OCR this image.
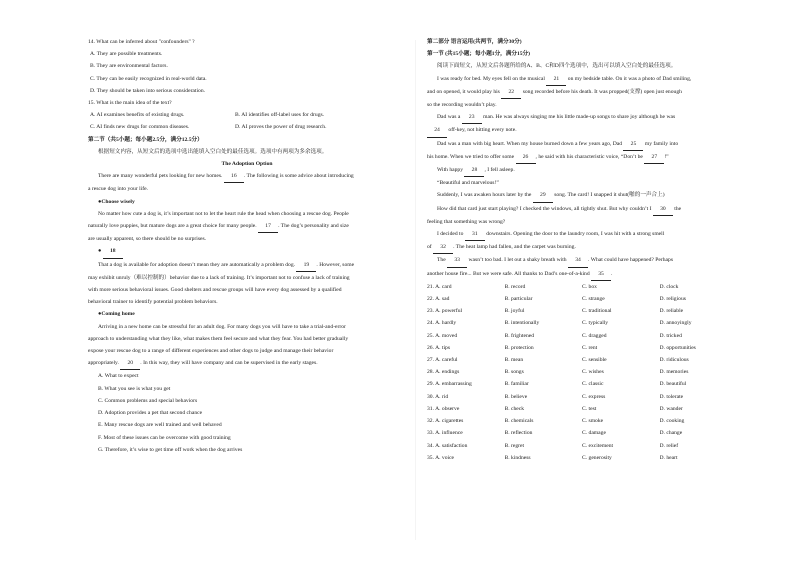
14. What can be inferred about "confounders" ?
A. They are possible treatments.
B. They are environmental factors.
C. They can be easily recognized in real-world data.
D. They should be taken into serious consideration.
15. What is the main idea of the text?
A. AI examines benefits of existing drugs.	B. AI identifies off-label uses for drugs.
C. AI finds new drugs for common diseases.	D. AI proves the power of drug research.
第二节（共5小题；每小题2.5分，满分12.5分）
根据短文内容，从短文后的选项中选出能填入空白处的最佳选项。选项中有两项为多余选项。
The Adoption Option
There are many wonderful pets looking for new homes. 16 . The following is some advice about introducing
a rescue dog into your life.
●Choose wisely
No matter how cute a dog is, it’s important not to let the heart rule the head when choosing a rescue dog. People
naturally love puppies, but mature dogs are a great choice for many people. 17 . The dog’s personality and size
are usually apparent, so there should be no surprises.
● 18
That a dog is available for adoption doesn’t mean they are automatically a problem dog. 19 . However, some
may exhibit unruly（难以控制的）behavior due to a lack of training. It’s important not to confuse a lack of training
with more serious behavioral issues. Good shelters and rescue groups will have every dog assessed by a qualified
behavioral trainer to identify potential problem behaviors.
●Coming home
Arriving in a new home can be stressful for an adult dog. For many dogs you will have to take a trial-and-error
approach to understanding what they like, what makes them feel secure and what they fear. You had better gradually
expose your rescue dog to a range of different experiences and other dogs to judge and manage their behavior
appropriately. 20 . In this way, they will have company and can be supervised in the early stages.
A. What to expect
B. What you see is what you get
C. Common problems and special behaviors
D. Adoption provides a pet that second chance
E. Many rescue dogs are well trained and well behaved
F. Most of these issues can be overcome with good training
G. Therefore, it’s wise to get time off work when the dog arrives
第二部分 语言运用(共两节，满分30分)
第一节 (共15小题；每小题1分，满分15分)
阅读下面短文，从短文后各题所给的A、B、C和D四个选项中，选出可以填入空白处的最佳选项。
I was ready for bed. My eyes fell on the musical 21 on my bedside table. On it was a photo of Dad smiling,
and on opened, it would play his 22 song recorded before his death. It was propped(支撑) open just enough
so the recording wouldn’t play.
Dad was a 23 man. He was always singing me his little made-up songs to share joy although he was
24 off-key, not hitting every note.
Dad was a man with big heart. When my house burned down a few years ago, Dad 25 my family into
his home. When we tried to offer some 26 , he said with his characteristic voice, “Don’t be 27 !”
With happy 28 , I fell asleep.
“Beautiful and marvelous!”
Suddenly, I was awaken hours later by the 29 song. The card! I snapped it shut(啪的一声合上)
How did that card just start playing? I checked the windows, all tightly shut. But why couldn’t I 30 the
feeling that something was wrong?
I decided to 31 downstairs. Opening the door to the laundry room, I was hit with a strong smell
of 32 . The heat lamp had fallen, and the carpet was burning.
The 33 wasn’t too bad. I let out a shaky breath with 34 . What could have happened? Perhaps
another house fire... But we were safe. All thanks to Dad’s one-of-a-kind 35 .
21. A. card	B. record	C. box	D. clock
22. A. sad	B. particular	C. strange	D. religious
23. A. powerful	B. joyful	C. traditional	D. reliable
24. A. hardly	B. intentionally	C. typically	D. annoyingly
25. A. moved	B. frightened	C. dragged	D. tricked
26. A. tips	B. protection	C. rent	D. opportunities
27. A. careful	B. mean	C. sensible	D. ridiculous
28. A. endings	B. songs	C. wishes	D. memories
29. A. embarrassing	B. familiar	C. classic	D. beautiful
30. A. rid	B. believe	C. express	D. tolerate
31. A. observe	B. check	C. test	D. wander
32. A. cigarettes	B. chemicals	C. smoke	D. cooking
33. A. influence	B. reflection	C. damage	D. change
34. A. satisfaction	B. regret	C. excitement	D. relief
35. A. voice	B. kindness	C. generosity	D. heart
